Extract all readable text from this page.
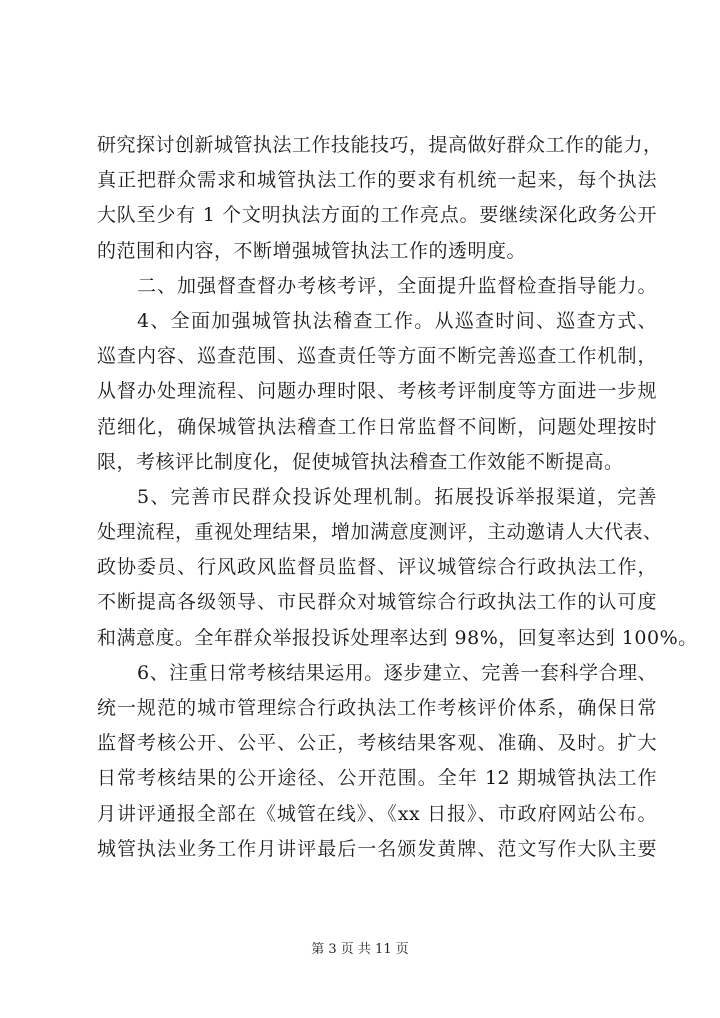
研究探讨创新城管执法工作技能技巧，提高做好群众工作的能力，
真正把群众需求和城管执法工作的要求有机统一起来，每个执法
大队至少有 1 个文明执法方面的工作亮点。要继续深化政务公开
的范围和内容，不断增强城管执法工作的透明度。
二、加强督查督办考核考评，全面提升监督检查指导能力。
4、全面加强城管执法稽查工作。从巡查时间、巡查方式、
巡查内容、巡查范围、巡查责任等方面不断完善巡查工作机制，
从督办处理流程、问题办理时限、考核考评制度等方面进一步规
范细化，确保城管执法稽查工作日常监督不间断，问题处理按时
限，考核评比制度化，促使城管执法稽查工作效能不断提高。
5、完善市民群众投诉处理机制。拓展投诉举报渠道，完善
处理流程，重视处理结果，增加满意度测评，主动邀请人大代表、
政协委员、行风政风监督员监督、评议城管综合行政执法工作，
不断提高各级领导、市民群众对城管综合行政执法工作的认可度
和满意度。全年群众举报投诉处理率达到 98%，回复率达到 100%。
6、注重日常考核结果运用。逐步建立、完善一套科学合理、
统一规范的城市管理综合行政执法工作考核评价体系，确保日常
监督考核公开、公平、公正，考核结果客观、准确、及时。扩大
日常考核结果的公开途径、公开范围。全年 12 期城管执法工作
月讲评通报全部在《城管在线》、《xx 日报》、市政府网站公布。
城管执法业务工作月讲评最后一名颁发黄牌、范文写作大队主要
第 3 页 共 11 页
